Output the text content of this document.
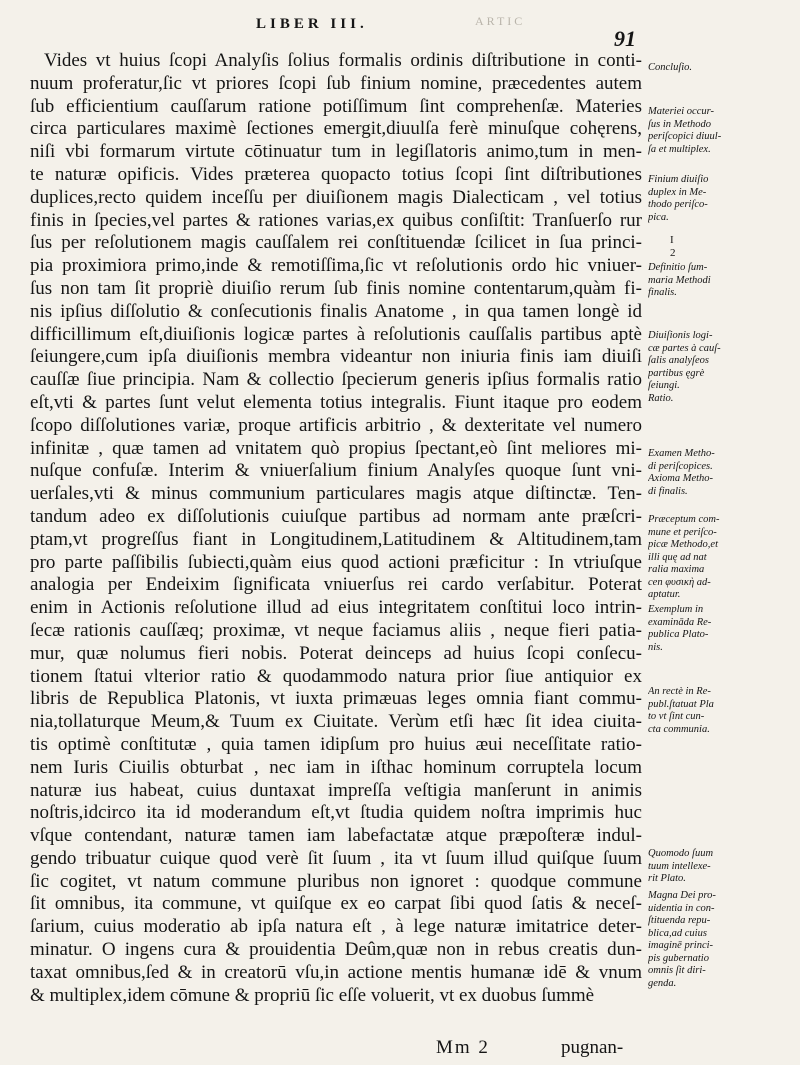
LIBER III.	ARTIC
91
Vides vt huius ſcopi Analyſis ſolius formalis ordinis diſtributione in conti-
nuum proferatur,ſic vt priores ſcopi ſub finium nomine, præcedentes autem
ſub efficientium cauſſarum ratione potiſſimum ſint comprehenſæ. Materies
circa particulares maximè ſectiones emergit,diuulſa ferè minuſque cohęrens,
niſi vbi formarum virtute cōtinuatur tum in legiſlatoris animo,tum in men-
te naturæ opificis. Vides præterea quopacto totius ſcopi ſint diſtributiones
duplices,recto quidem inceſſu per diuiſionem magis Dialecticam , vel totius
finis in ſpecies,vel partes & rationes varias,ex quibus conſiſtit: Tranſuerſo rur
ſus per reſolutionem magis cauſſalem rei conſtituendæ ſcilicet in ſua princi-
pia proximiora primo,inde & remotiſſima,ſic vt reſolutionis ordo hic vniuer-
ſus non tam ſit propriè diuiſio rerum ſub finis nomine contentarum,quàm fi-
nis ipſius diſſolutio & conſecutionis finalis Anatome , in qua tamen longè id
difficillimum eſt,diuiſionis logicæ partes à reſolutionis cauſſalis partibus aptè
ſeiungere,cum ipſa diuiſionis membra videantur non iniuria finis iam diuiſi
cauſſæ ſiue principia. Nam & collectio ſpecierum generis ipſius formalis ratio
eſt,vti & partes ſunt velut elementa totius integralis. Fiunt itaque pro eodem
ſcopo diſſolutiones variæ, proque artificis arbitrio , & dexteritate vel numero
infinitæ , quæ tamen ad vnitatem quò propius ſpectant,eò ſint meliores mi-
nuſque confuſæ. Interim & vniuerſalium finium Analyſes quoque ſunt vni-
uerſales,vti & minus communium particulares magis atque diſtinctæ. Ten-
tandum adeo ex diſſolutionis cuiuſque partibus ad normam ante præſcri-
ptam,vt progreſſus fiant in Longitudinem,Latitudinem & Altitudinem,tam
pro parte paſſibilis ſubiecti,quàm eius quod actioni præficitur : In vtriuſque
analogia per Endeixim ſignificata vniuerſus rei cardo verſabitur. Poterat
enim in Actionis reſolutione illud ad eius integritatem conſtitui loco intrin-
ſecæ rationis cauſſæq; proximæ, vt neque faciamus aliis , neque fieri patia-
mur, quæ nolumus fieri nobis. Poterat deinceps ad huius ſcopi conſecu-
tionem ſtatui vlterior ratio & quodammodo natura prior ſiue antiquior ex
libris de Republica Platonis, vt iuxta primæuas leges omnia fiant commu-
nia,tollaturque Meum,& Tuum ex Ciuitate. Verùm etſi hæc ſit idea ciuita-
tis optimè conſtitutæ , quia tamen idipſum pro huius æui neceſſitate ratio-
nem Iuris Ciuilis obturbat , nec iam in iſthac hominum corruptela locum
naturæ ius habeat, cuius duntaxat impreſſa veſtigia manſerunt in animis
noſtris,idcirco ita id moderandum eſt,vt ſtudia quidem noſtra imprimis huc
vſque contendant, naturæ tamen iam labefactatæ atque præpoſteræ indul-
gendo tribuatur cuique quod verè ſit ſuum , ita vt ſuum illud quiſque ſuum
ſic cogitet, vt natum commune pluribus non ignoret : quodque commune
ſit omnibus, ita commune, vt quiſque ex eo carpat ſibi quod ſatis & neceſ-
ſarium, cuius moderatio ab ipſa natura eſt , à lege naturæ imitatrice deter-
minatur. O ingens cura & prouidentia Deûm,quæ non in rebus creatis dun-
taxat omnibus,ſed & in creatorū vſu,in actione mentis humanæ idē & vnum
& multiplex,idem cōmune & propriū ſic eſſe voluerit, vt ex duobus ſummè
Concluſio.
Materiei occur-
ſus in Methodo
periſcopici diuul-
ſa et multiplex.
Finium diuiſio
duplex in Me-
thodo periſco-
pica.
I
2
Definitio ſum-
maria Methodi
finalis.
Diuiſionis logi-
cæ partes à cauſ-
ſalis analyſeos
partibus ęgrè
ſeiungi.
Ratio.
Examen Metho-
di periſcopices.
Axioma Metho-
di finalis.
Præceptum com-
mune et periſco-
picæ Methodo,et
illi quę ad nat
ralia maxima
cen φυσικὴ ad-
aptatur.
Exemplum in
examināda Re-
publica Plato-
nis.
An rectè in Re-
publ.ſtatuat Pla
to vt ſint cun-
cta communia.
Quomodo ſuum
tuum intellexe-
rit Plato.
Magna Dei pro-
uidentia in con-
ſtituenda repu-
blica,ad cuius
imaginē princi-
pis gubernatio
omnis ſit diri-
genda.
Mm 2	pugnan-
